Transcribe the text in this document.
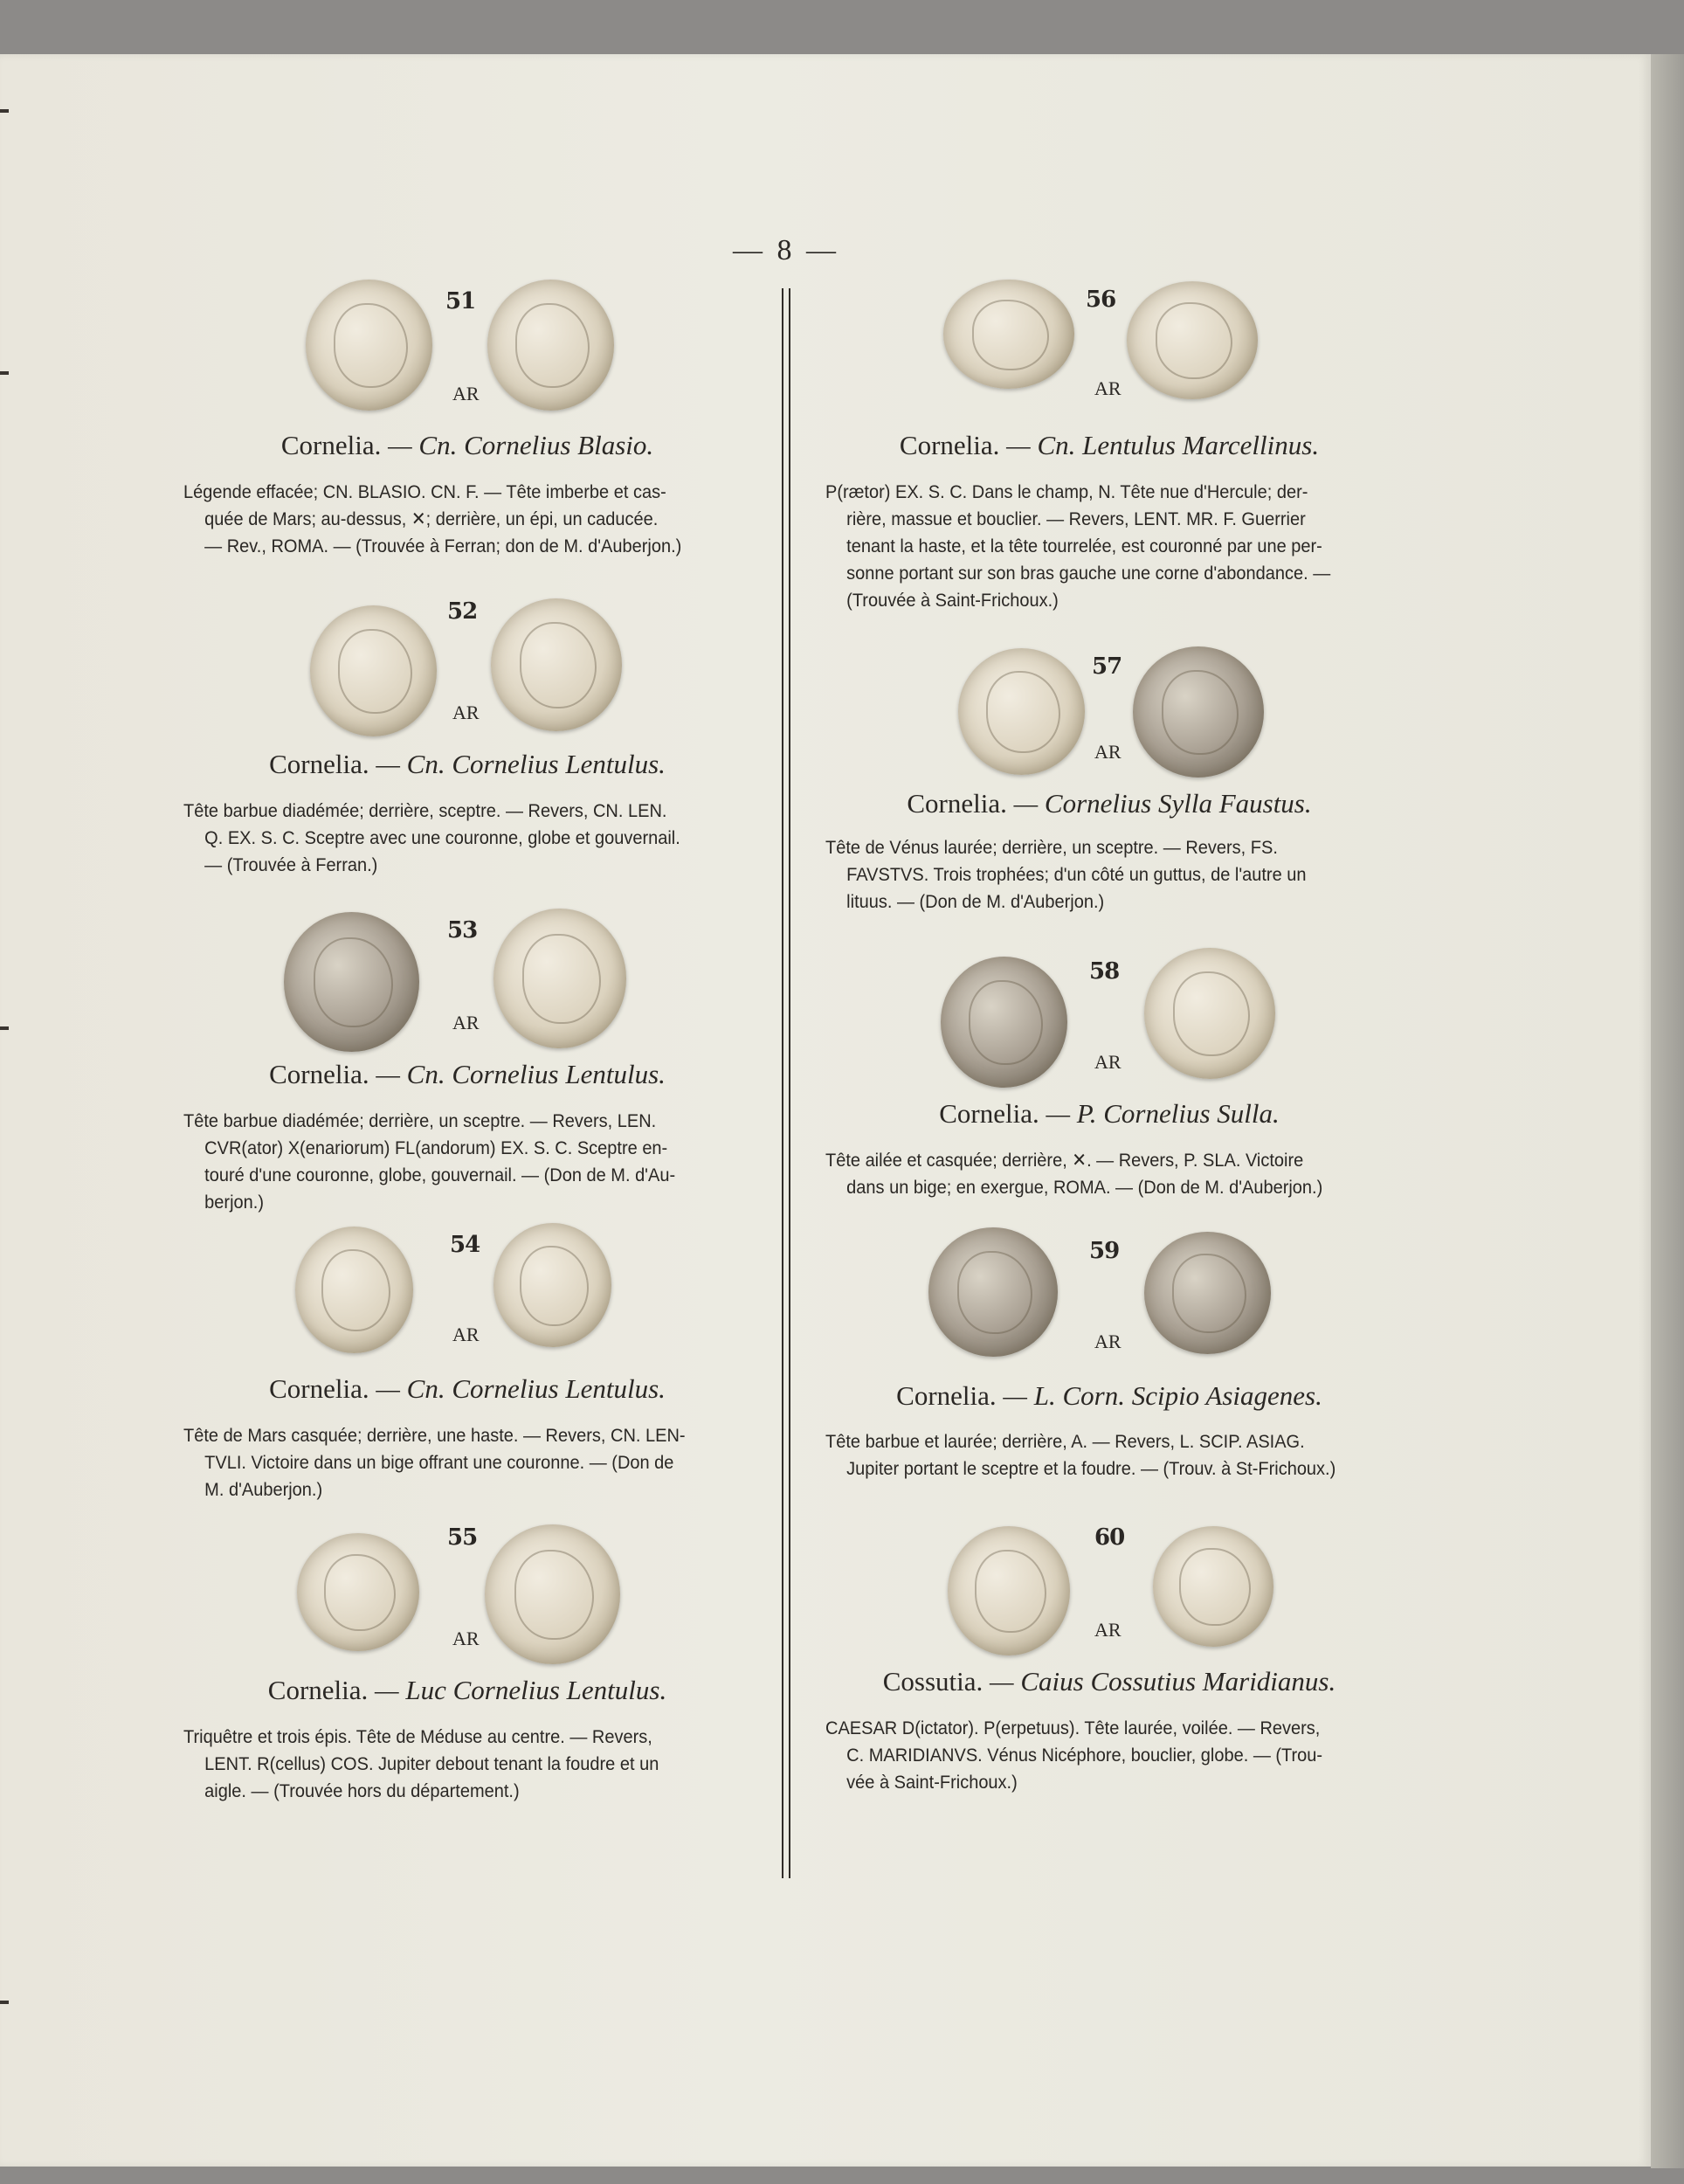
— 8 —
51
AR
Cornelia. — Cn. Cornelius Blasio.
Légende effacée; CN. BLASIO. CN. F. — Tête imberbe et cas-
quée de Mars; au-dessus, ✕; derrière, un épi, un caducée.
— Rev., ROMA. — (Trouvée à Ferran; don de M. d'Auberjon.)
52
AR
Cornelia. — Cn. Cornelius Lentulus.
Tête barbue diadémée; derrière, sceptre. — Revers, CN. LEN.
Q. EX. S. C. Sceptre avec une couronne, globe et gouvernail.
— (Trouvée à Ferran.)
53
AR
Cornelia. — Cn. Cornelius Lentulus.
Tête barbue diadémée; derrière, un sceptre. — Revers, LEN.
CVR(ator) X(enariorum) FL(andorum) EX. S. C. Sceptre en-
touré d'une couronne, globe, gouvernail. — (Don de M. d'Au-
berjon.)
54
AR
Cornelia. — Cn. Cornelius Lentulus.
Tête de Mars casquée; derrière, une haste. — Revers, CN. LEN-
TVLI. Victoire dans un bige offrant une couronne. — (Don de
M. d'Auberjon.)
55
AR
Cornelia. — Luc Cornelius Lentulus.
Triquêtre et trois épis. Tête de Méduse au centre. — Revers,
LENT. R(cellus) COS. Jupiter debout tenant la foudre et un
aigle. — (Trouvée hors du département.)
56
AR
Cornelia. — Cn. Lentulus Marcellinus.
P(rætor) EX. S. C. Dans le champ, N. Tête nue d'Hercule; der-
rière, massue et bouclier. — Revers, LENT. MR. F. Guerrier
tenant la haste, et la tête tourrelée, est couronné par une per-
sonne portant sur son bras gauche une corne d'abondance. —
(Trouvée à Saint-Frichoux.)
57
AR
Cornelia. — Cornelius Sylla Faustus.
Tête de Vénus laurée; derrière, un sceptre. — Revers, FS.
FAVSTVS. Trois trophées; d'un côté un guttus, de l'autre un
lituus. — (Don de M. d'Auberjon.)
58
AR
Cornelia. — P. Cornelius Sulla.
Tête ailée et casquée; derrière, ✕. — Revers, P. SLA. Victoire
dans un bige; en exergue, ROMA. — (Don de M. d'Auberjon.)
59
AR
Cornelia. — L. Corn. Scipio Asiagenes.
Tête barbue et laurée; derrière, A. — Revers, L. SCIP. ASIAG.
Jupiter portant le sceptre et la foudre. — (Trouv. à St-Frichoux.)
60
AR
Cossutia. — Caius Cossutius Maridianus.
CAESAR D(ictator). P(erpetuus). Tête laurée, voilée. — Revers,
C. MARIDIANVS. Vénus Nicéphore, bouclier, globe. — (Trou-
vée à Saint-Frichoux.)
